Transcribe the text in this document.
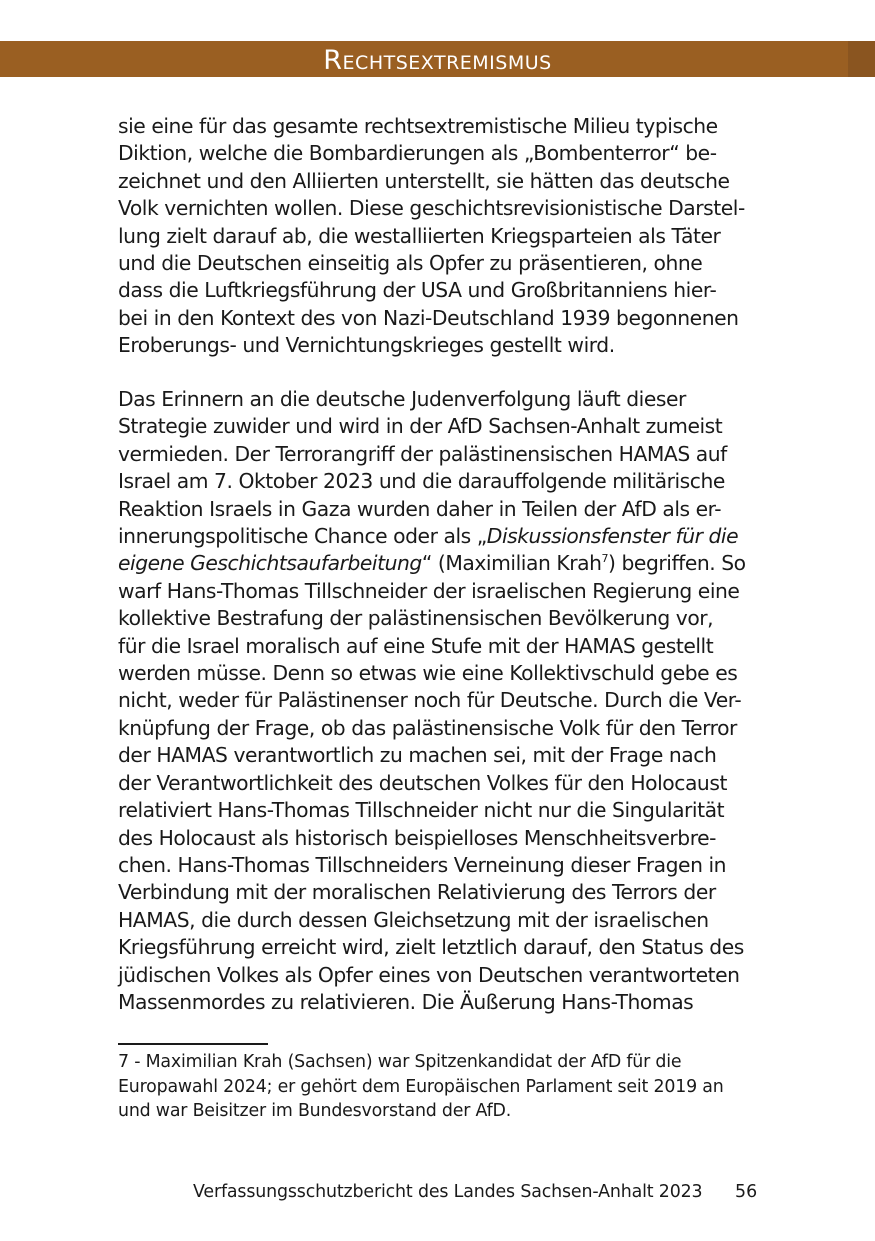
Rechtsextremismus
sie eine für das gesamte rechtsextremistische Milieu typische
Diktion, welche die Bombardierungen als „Bombenterror“ be-
zeichnet und den Alliierten unterstellt, sie hätten das deutsche
Volk vernichten wollen. Diese geschichtsrevisionistische Darstel-
lung zielt darauf ab, die westalliierten Kriegsparteien als Täter
und die Deutschen einseitig als Opfer zu präsentieren, ohne
dass die Luftkriegsführung der USA und Großbritanniens hier-
bei in den Kontext des von Nazi-Deutschland 1939 begonnenen
Eroberungs- und Vernichtungskrieges gestellt wird.
Das Erinnern an die deutsche Judenverfolgung läuft dieser
Strategie zuwider und wird in der AfD Sachsen-Anhalt zumeist
vermieden. Der Terrorangriff der palästinensischen HAMAS auf
Israel am 7. Oktober 2023 und die darauffolgende militärische
Reaktion Israels in Gaza wurden daher in Teilen der AfD als er-
innerungspolitische Chance oder als „Diskussionsfenster für die
eigene Geschichtsaufarbeitung“ (Maximilian Krah$^7$) begriffen. So
warf Hans-Thomas Tillschneider der israelischen Regierung eine
kollektive Bestrafung der palästinensischen Bevölkerung vor,
für die Israel moralisch auf eine Stufe mit der HAMAS gestellt
werden müsse. Denn so etwas wie eine Kollektivschuld gebe es
nicht, weder für Palästinenser noch für Deutsche. Durch die Ver-
knüpfung der Frage, ob das palästinensische Volk für den Terror
der HAMAS verantwortlich zu machen sei, mit der Frage nach
der Verantwortlichkeit des deutschen Volkes für den Holocaust
relativiert Hans-Thomas Tillschneider nicht nur die Singularität
des Holocaust als historisch beispielloses Menschheitsverbre-
chen. Hans-Thomas Tillschneiders Verneinung dieser Fragen in
Verbindung mit der moralischen Relativierung des Terrors der
HAMAS, die durch dessen Gleichsetzung mit der israelischen
Kriegsführung erreicht wird, zielt letztlich darauf, den Status des
jüdischen Volkes als Opfer eines von Deutschen verantworteten
Massenmordes zu relativieren. Die Äußerung Hans-Thomas
7 - Maximilian Krah (Sachsen) war Spitzenkandidat der AfD für die
Europawahl 2024; er gehört dem Europäischen Parlament seit 2019 an
und war Beisitzer im Bundesvorstand der AfD.
Verfassungsschutzbericht des Landes Sachsen-Anhalt 2023 56
